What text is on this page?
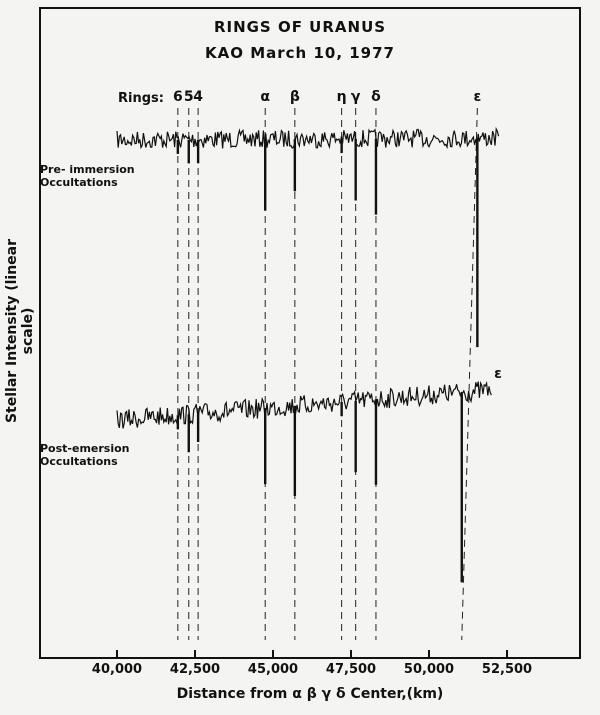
RINGS OF URANUS
KAO March 10, 1977
Rings: 6 5 4	α β	η γ δ	ε
Pre- immersion
Occultations
Post-emersion
Occultations
ε
Stellar Intensity (linear scale)
Distance from α β γ δ Center,(km)
40,000 42,500 45,000 47,500 50,000 52,500
